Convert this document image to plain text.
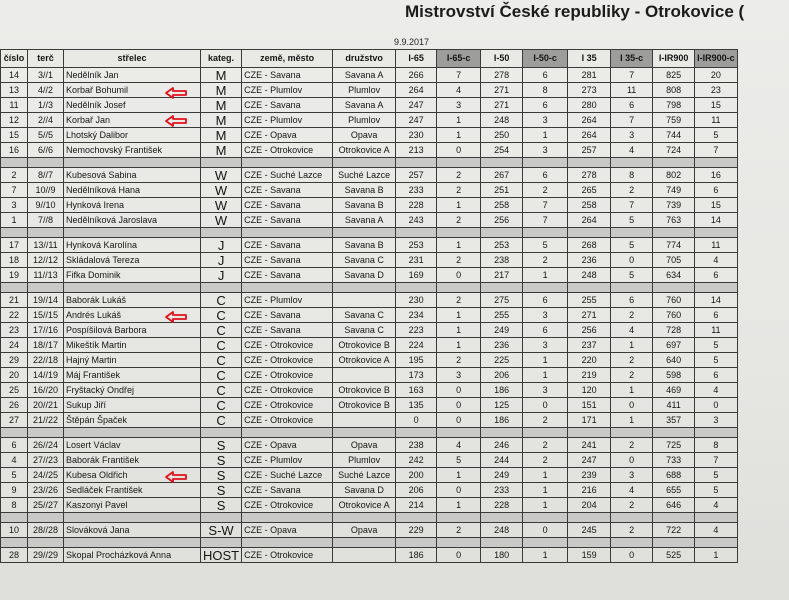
Mistrovství České republiky - Otrokovice (
9.9.2017
číslo	terč	střelec	kateg.	země, město	družstvo	I-65	I-65-c	I-50	I-50-c	I 35	I 35-c	I-IR900	I-IR900-c
14	3//1	Nedělník Jan	M	CZE - Savana	Savana A	266	7	278	6	281	7	825	20
13	4//2	Korbař Bohumil	M	CZE - Plumlov	Plumlov	264	4	271	8	273	11	808	23
11	1//3	Nedělník Josef	M	CZE - Savana	Savana A	247	3	271	6	280	6	798	15
12	2//4	Korbař Jan	M	CZE - Plumlov	Plumlov	247	1	248	3	264	7	759	11
15	5//5	Lhotský Dalibor	M	CZE - Opava	Opava	230	1	250	1	264	3	744	5
16	6//6	Nemochovský František	M	CZE - Otrokovice	Otrokovice A	213	0	254	3	257	4	724	7

2	8//7	Kubesová Sabina	W	CZE - Suché Lazce	Suché Lazce	257	2	267	6	278	8	802	16
7	10//9	Nedělníková Hana	W	CZE - Savana	Savana B	233	2	251	2	265	2	749	6
3	9//10	Hynková Irena	W	CZE - Savana	Savana B	228	1	258	7	258	7	739	15
1	7//8	Nedělníková Jaroslava	W	CZE - Savana	Savana A	243	2	256	7	264	5	763	14

17	13//11	Hynková Karolína	J	CZE - Savana	Savana B	253	1	253	5	268	5	774	11
18	12//12	Skládalová Tereza	J	CZE - Savana	Savana C	231	2	238	2	236	0	705	4
19	11//13	Fifka Dominik	J	CZE - Savana	Savana D	169	0	217	1	248	5	634	6

21	19//14	Baborák Lukáš	C	CZE - Plumlov		230	2	275	6	255	6	760	14
22	15//15	Andrés Lukáš	C	CZE - Savana	Savana C	234	1	255	3	271	2	760	6
23	17//16	Pospíšilová Barbora	C	CZE - Savana	Savana C	223	1	249	6	256	4	728	11
24	18//17	Mikeštík Martin	C	CZE - Otrokovice	Otrokovice B	224	1	236	3	237	1	697	5
29	22//18	Hajný Martin	C	CZE - Otrokovice	Otrokovice A	195	2	225	1	220	2	640	5
20	14//19	Máj František	C	CZE - Otrokovice		173	3	206	1	219	2	598	6
25	16//20	Fryštacký Ondřej	C	CZE - Otrokovice	Otrokovice B	163	0	186	3	120	1	469	4
26	20//21	Sukup Jiří	C	CZE - Otrokovice	Otrokovice B	135	0	125	0	151	0	411	0
27	21//22	Štěpán Špaček	C	CZE - Otrokovice		0	0	186	2	171	1	357	3

6	26//24	Losert Václav	S	CZE - Opava	Opava	238	4	246	2	241	2	725	8
4	27//23	Baborák František	S	CZE - Plumlov	Plumlov	242	5	244	2	247	0	733	7
5	24//25	Kubesa Oldřich	S	CZE - Suché Lazce	Suché Lazce	200	1	249	1	239	3	688	5
9	23//26	Sedláček František	S	CZE - Savana	Savana D	206	0	233	1	216	4	655	5
8	25//27	Kaszonyi Pavel	S	CZE - Otrokovice	Otrokovice A	214	1	228	1	204	2	646	4

10	28//28	Slováková Jana	S-W	CZE - Opava	Opava	229	2	248	0	245	2	722	4

28	29//29	Skopal Procházková Anna	HOST	CZE - Otrokovice		186	0	180	1	159	0	525	1
